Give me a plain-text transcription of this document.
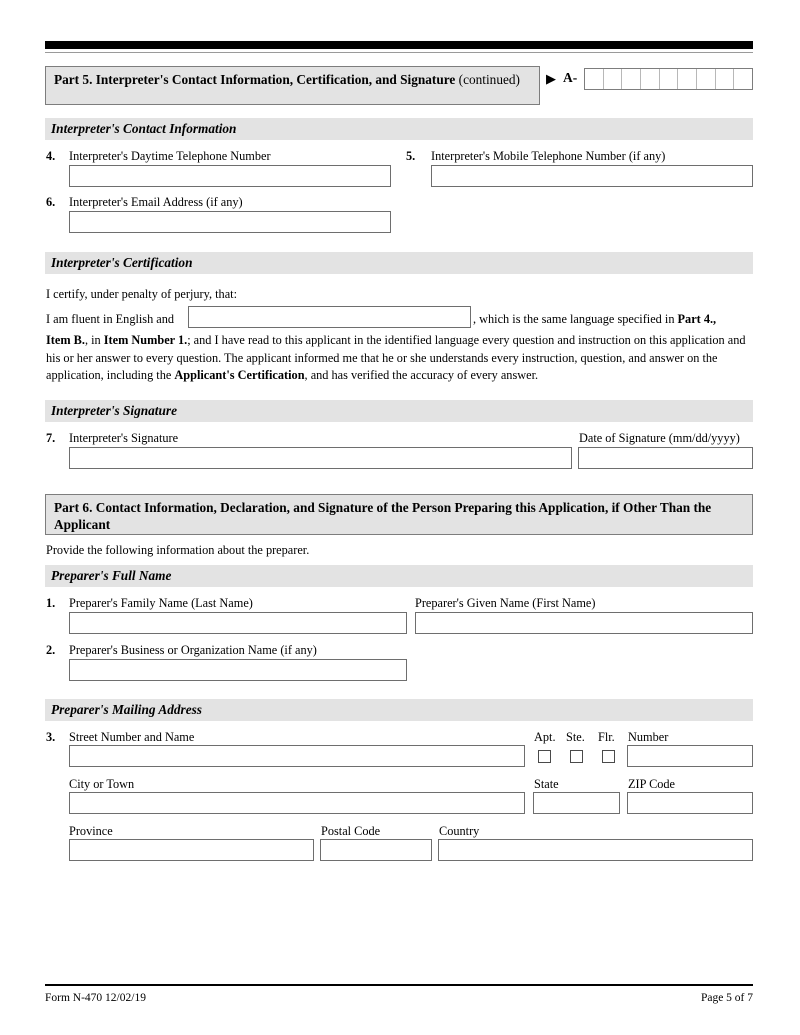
Part 5. Interpreter's Contact Information, Certification, and Signature (continued)	▶ A-
Interpreter's Contact Information
4. Interpreter's Daytime Telephone Number	5. Interpreter's Mobile Telephone Number (if any)
6. Interpreter's Email Address (if any)
Interpreter's Certification
I certify, under penalty of perjury, that:
I am fluent in English and	, which is the same language specified in Part 4.,
Item B., in Item Number 1.; and I have read to this applicant in the identified language every question and instruction on this application and his or her answer to every question. The applicant informed me that he or she understands every instruction, question, and answer on the application, including the Applicant's Certification, and has verified the accuracy of every answer.
Interpreter's Signature
7. Interpreter's Signature	Date of Signature (mm/dd/yyyy)
Part 6. Contact Information, Declaration, and Signature of the Person Preparing this Application, if Other Than the Applicant
Provide the following information about the preparer.
Preparer's Full Name
1. Preparer's Family Name (Last Name)	Preparer's Given Name (First Name)
2. Preparer's Business or Organization Name (if any)
Preparer's Mailing Address
3. Street Number and Name	Apt. Ste. Flr. Number
City or Town	State	ZIP Code
Province	Postal Code	Country
Form N-470 12/02/19	Page 5 of 7
